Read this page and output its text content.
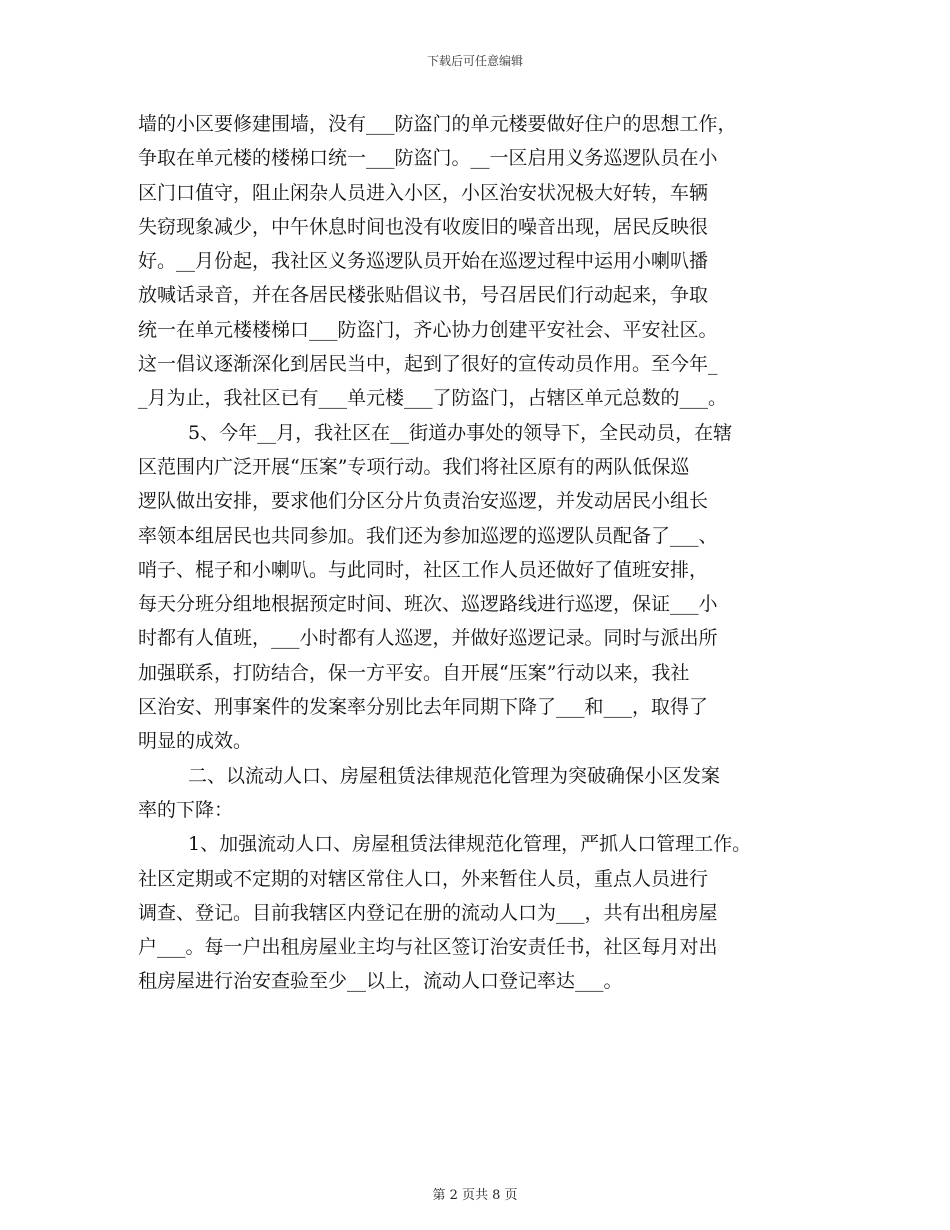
下载后可任意编辑
墙的小区要修建围墙，没有___防盗门的单元楼要做好住户的思想工作，
争取在单元楼的楼梯口统一___防盗门。__一区启用义务巡逻队员在小
区门口值守，阻止闲杂人员进入小区，小区治安状况极大好转，车辆
失窃现象减少，中午休息时间也没有收废旧的噪音出现，居民反映很
好。__月份起，我社区义务巡逻队员开始在巡逻过程中运用小喇叭播
放喊话录音，并在各居民楼张贴倡议书，号召居民们行动起来，争取
统一在单元楼楼梯口___防盗门，齐心协力创建平安社会、平安社区。
这一倡议逐渐深化到居民当中，起到了很好的宣传动员作用。至今年_
_月为止，我社区已有___单元楼___了防盗门，占辖区单元总数的___。
5、今年__月，我社区在__街道办事处的领导下，全民动员，在辖
区范围内广泛开展“压案”专项行动。我们将社区原有的两队低保巡
逻队做出安排，要求他们分区分片负责治安巡逻，并发动居民小组长
率领本组居民也共同参加。我们还为参加巡逻的巡逻队员配备了___、
哨子、棍子和小喇叭。与此同时，社区工作人员还做好了值班安排，
每天分班分组地根据预定时间、班次、巡逻路线进行巡逻，保证___小
时都有人值班，___小时都有人巡逻，并做好巡逻记录。同时与派出所
加强联系，打防结合，保一方平安。自开展“压案”行动以来，我社
区治安、刑事案件的发案率分别比去年同期下降了___和___，取得了
明显的成效。
二、以流动人口、房屋租赁法律规范化管理为突破确保小区发案
率的下降：
1、加强流动人口、房屋租赁法律规范化管理，严抓人口管理工作。
社区定期或不定期的对辖区常住人口，外来暂住人员，重点人员进行
调查、登记。目前我辖区内登记在册的流动人口为___，共有出租房屋
户___。每一户出租房屋业主均与社区签订治安责任书，社区每月对出
租房屋进行治安查验至少__以上，流动人口登记率达___。
第 2 页共 8 页
